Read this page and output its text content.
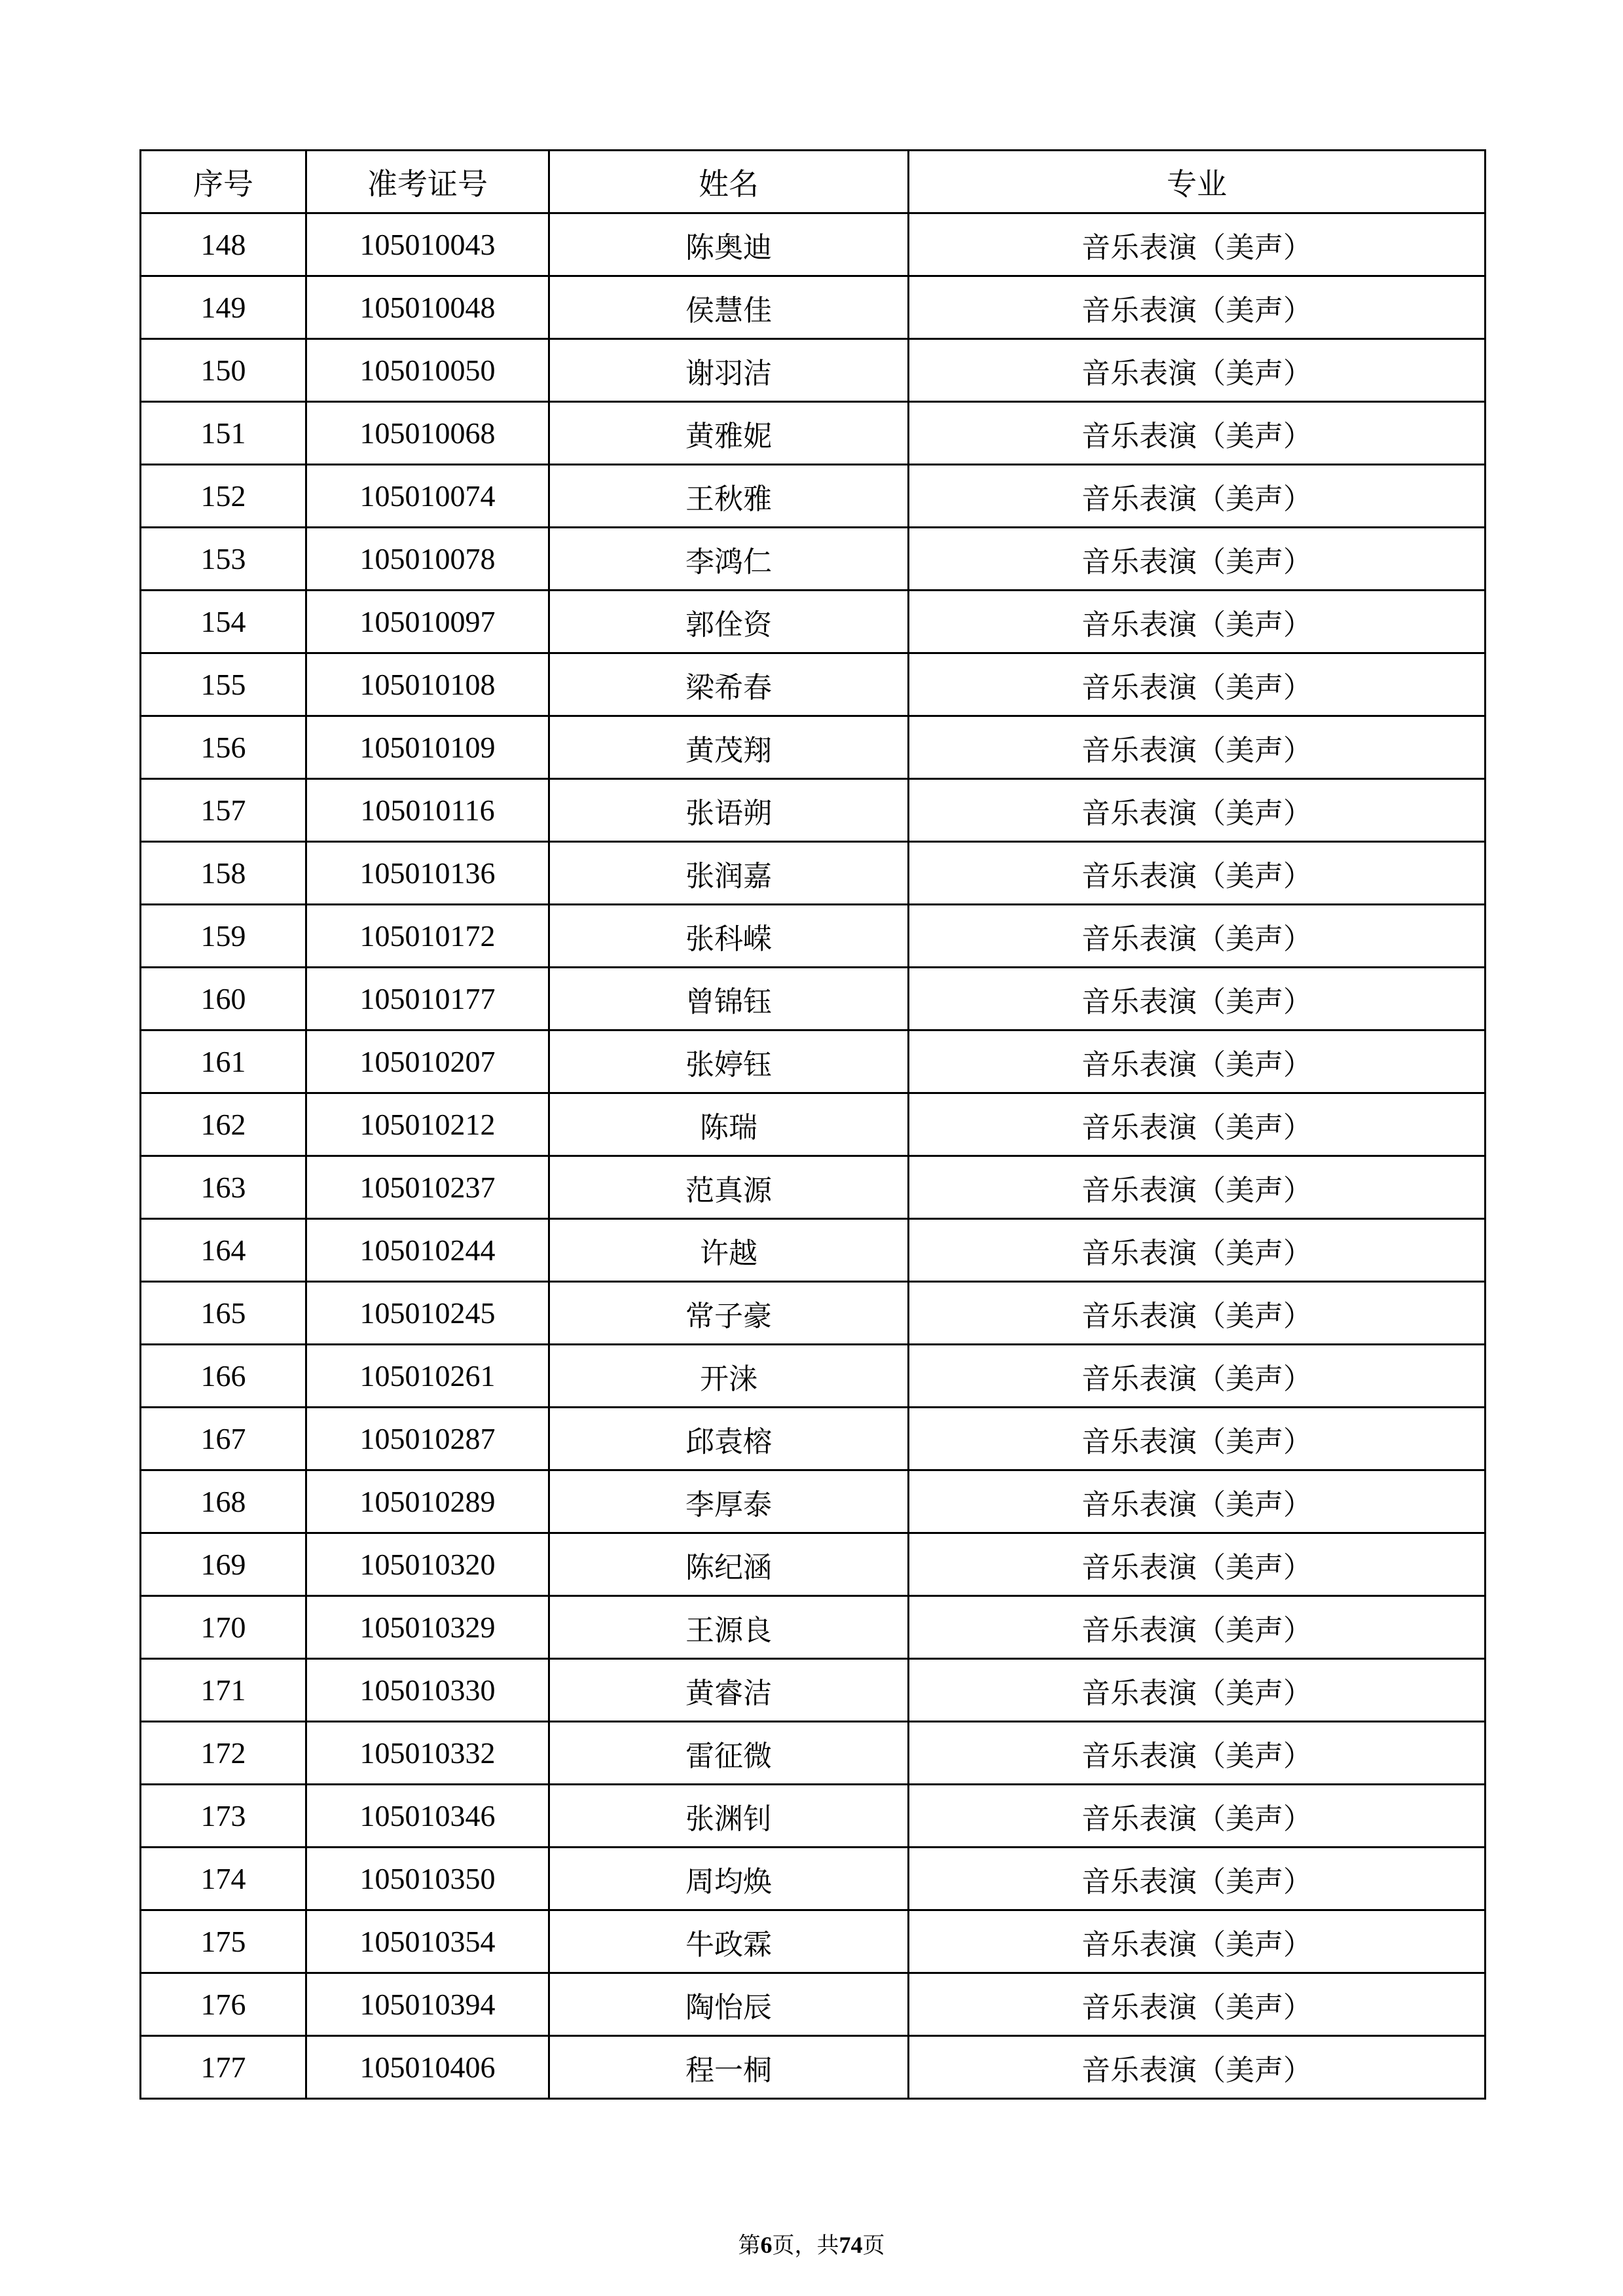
序号	准考证号	姓名	专业
148	105010043	陈奥迪	音乐表演（美声）
149	105010048	侯慧佳	音乐表演（美声）
150	105010050	谢羽洁	音乐表演（美声）
151	105010068	黄雅妮	音乐表演（美声）
152	105010074	王秋雅	音乐表演（美声）
153	105010078	李鸿仁	音乐表演（美声）
154	105010097	郭佺资	音乐表演（美声）
155	105010108	梁希春	音乐表演（美声）
156	105010109	黄茂翔	音乐表演（美声）
157	105010116	张语朔	音乐表演（美声）
158	105010136	张润嘉	音乐表演（美声）
159	105010172	张科嵘	音乐表演（美声）
160	105010177	曾锦钰	音乐表演（美声）
161	105010207	张婷钰	音乐表演（美声）
162	105010212	陈瑞	音乐表演（美声）
163	105010237	范真源	音乐表演（美声）
164	105010244	许越	音乐表演（美声）
165	105010245	常子豪	音乐表演（美声）
166	105010261	开涞	音乐表演（美声）
167	105010287	邱袁榕	音乐表演（美声）
168	105010289	李厚泰	音乐表演（美声）
169	105010320	陈纪涵	音乐表演（美声）
170	105010329	王源良	音乐表演（美声）
171	105010330	黄睿洁	音乐表演（美声）
172	105010332	雷征微	音乐表演（美声）
173	105010346	张渊钊	音乐表演（美声）
174	105010350	周均焕	音乐表演（美声）
175	105010354	牛政霖	音乐表演（美声）
176	105010394	陶怡辰	音乐表演（美声）
177	105010406	程一桐	音乐表演（美声）
第6页，共74页
